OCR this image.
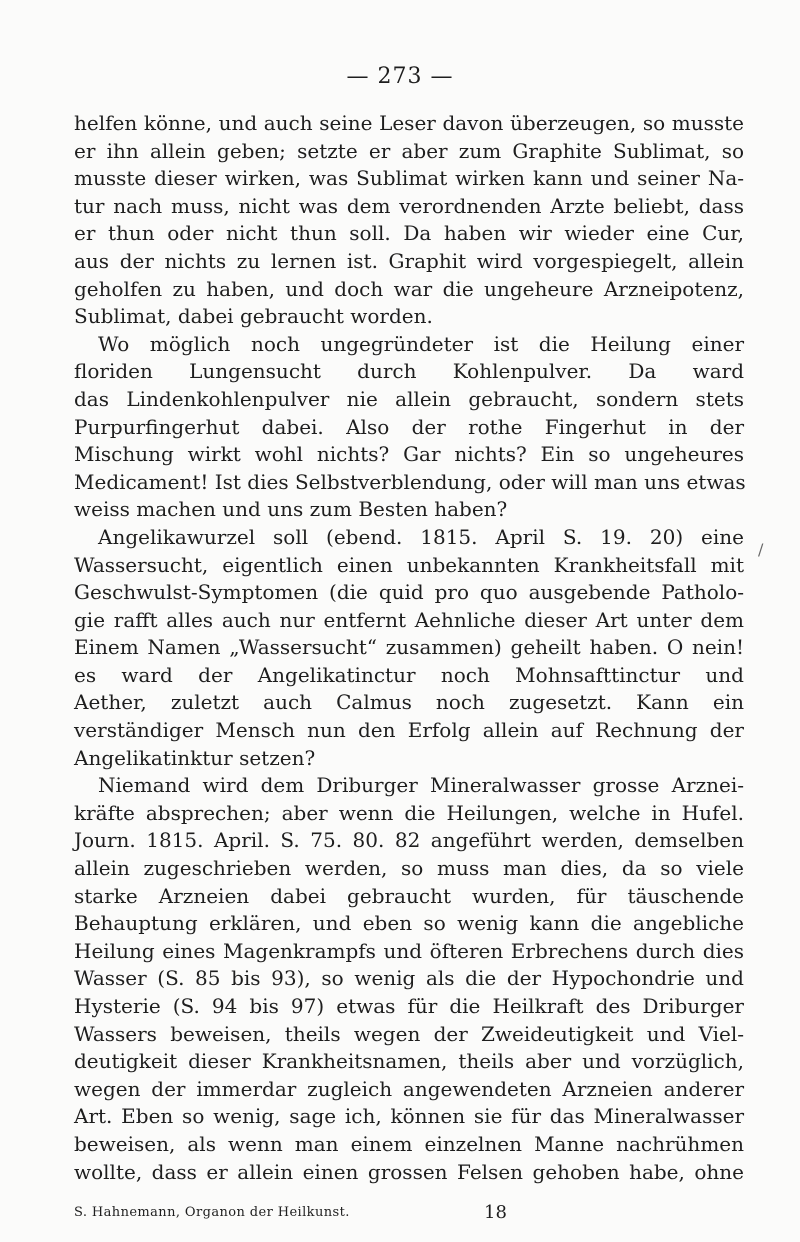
— 273 —
/
helfen könne, und auch seine Leser davon überzeugen, so musste
er ihn allein geben; setzte er aber zum Graphite Sublimat, so
musste dieser wirken, was Sublimat wirken kann und seiner Na-
tur nach muss, nicht was dem verordnenden Arzte beliebt, dass
er thun oder nicht thun soll. Da haben wir wieder eine Cur,
aus der nichts zu lernen ist. Graphit wird vorgespiegelt, allein
geholfen zu haben, und doch war die ungeheure Arzneipotenz,
Sublimat, dabei gebraucht worden.
Wo möglich noch ungegründeter ist die Heilung einer
floriden Lungensucht durch Kohlenpulver. Da ward
das Lindenkohlenpulver nie allein gebraucht, sondern stets
Purpurfingerhut dabei. Also der rothe Fingerhut in der
Mischung wirkt wohl nichts? Gar nichts? Ein so ungeheures
Medicament! Ist dies Selbstverblendung, oder will man uns etwas
weiss machen und uns zum Besten haben?
Angelikawurzel soll (ebend. 1815. April S. 19. 20) eine
Wassersucht, eigentlich einen unbekannten Krankheitsfall mit
Geschwulst-Symptomen (die quid pro quo ausgebende Patholo-
gie rafft alles auch nur entfernt Aehnliche dieser Art unter dem
Einem Namen „Wassersucht“ zusammen) geheilt haben. O nein!
es ward der Angelikatinctur noch Mohnsafttinctur und
Aether, zuletzt auch Calmus noch zugesetzt. Kann ein
verständiger Mensch nun den Erfolg allein auf Rechnung der
Angelikatinktur setzen?
Niemand wird dem Driburger Mineralwasser grosse Arznei-
kräfte absprechen; aber wenn die Heilungen, welche in Hufel.
Journ. 1815. April. S. 75. 80. 82 angeführt werden, demselben
allein zugeschrieben werden, so muss man dies, da so viele
starke Arzneien dabei gebraucht wurden, für täuschende
Behauptung erklären, und eben so wenig kann die angebliche
Heilung eines Magenkrampfs und öfteren Erbrechens durch dies
Wasser (S. 85 bis 93), so wenig als die der Hypochondrie und
Hysterie (S. 94 bis 97) etwas für die Heilkraft des Driburger
Wassers beweisen, theils wegen der Zweideutigkeit und Viel-
deutigkeit dieser Krankheitsnamen, theils aber und vorzüglich,
wegen der immerdar zugleich angewendeten Arzneien anderer
Art. Eben so wenig, sage ich, können sie für das Mineralwasser
beweisen, als wenn man einem einzelnen Manne nachrühmen
wollte, dass er allein einen grossen Felsen gehoben habe, ohne
S. Hahnemann, Organon der Heilkunst.	18
